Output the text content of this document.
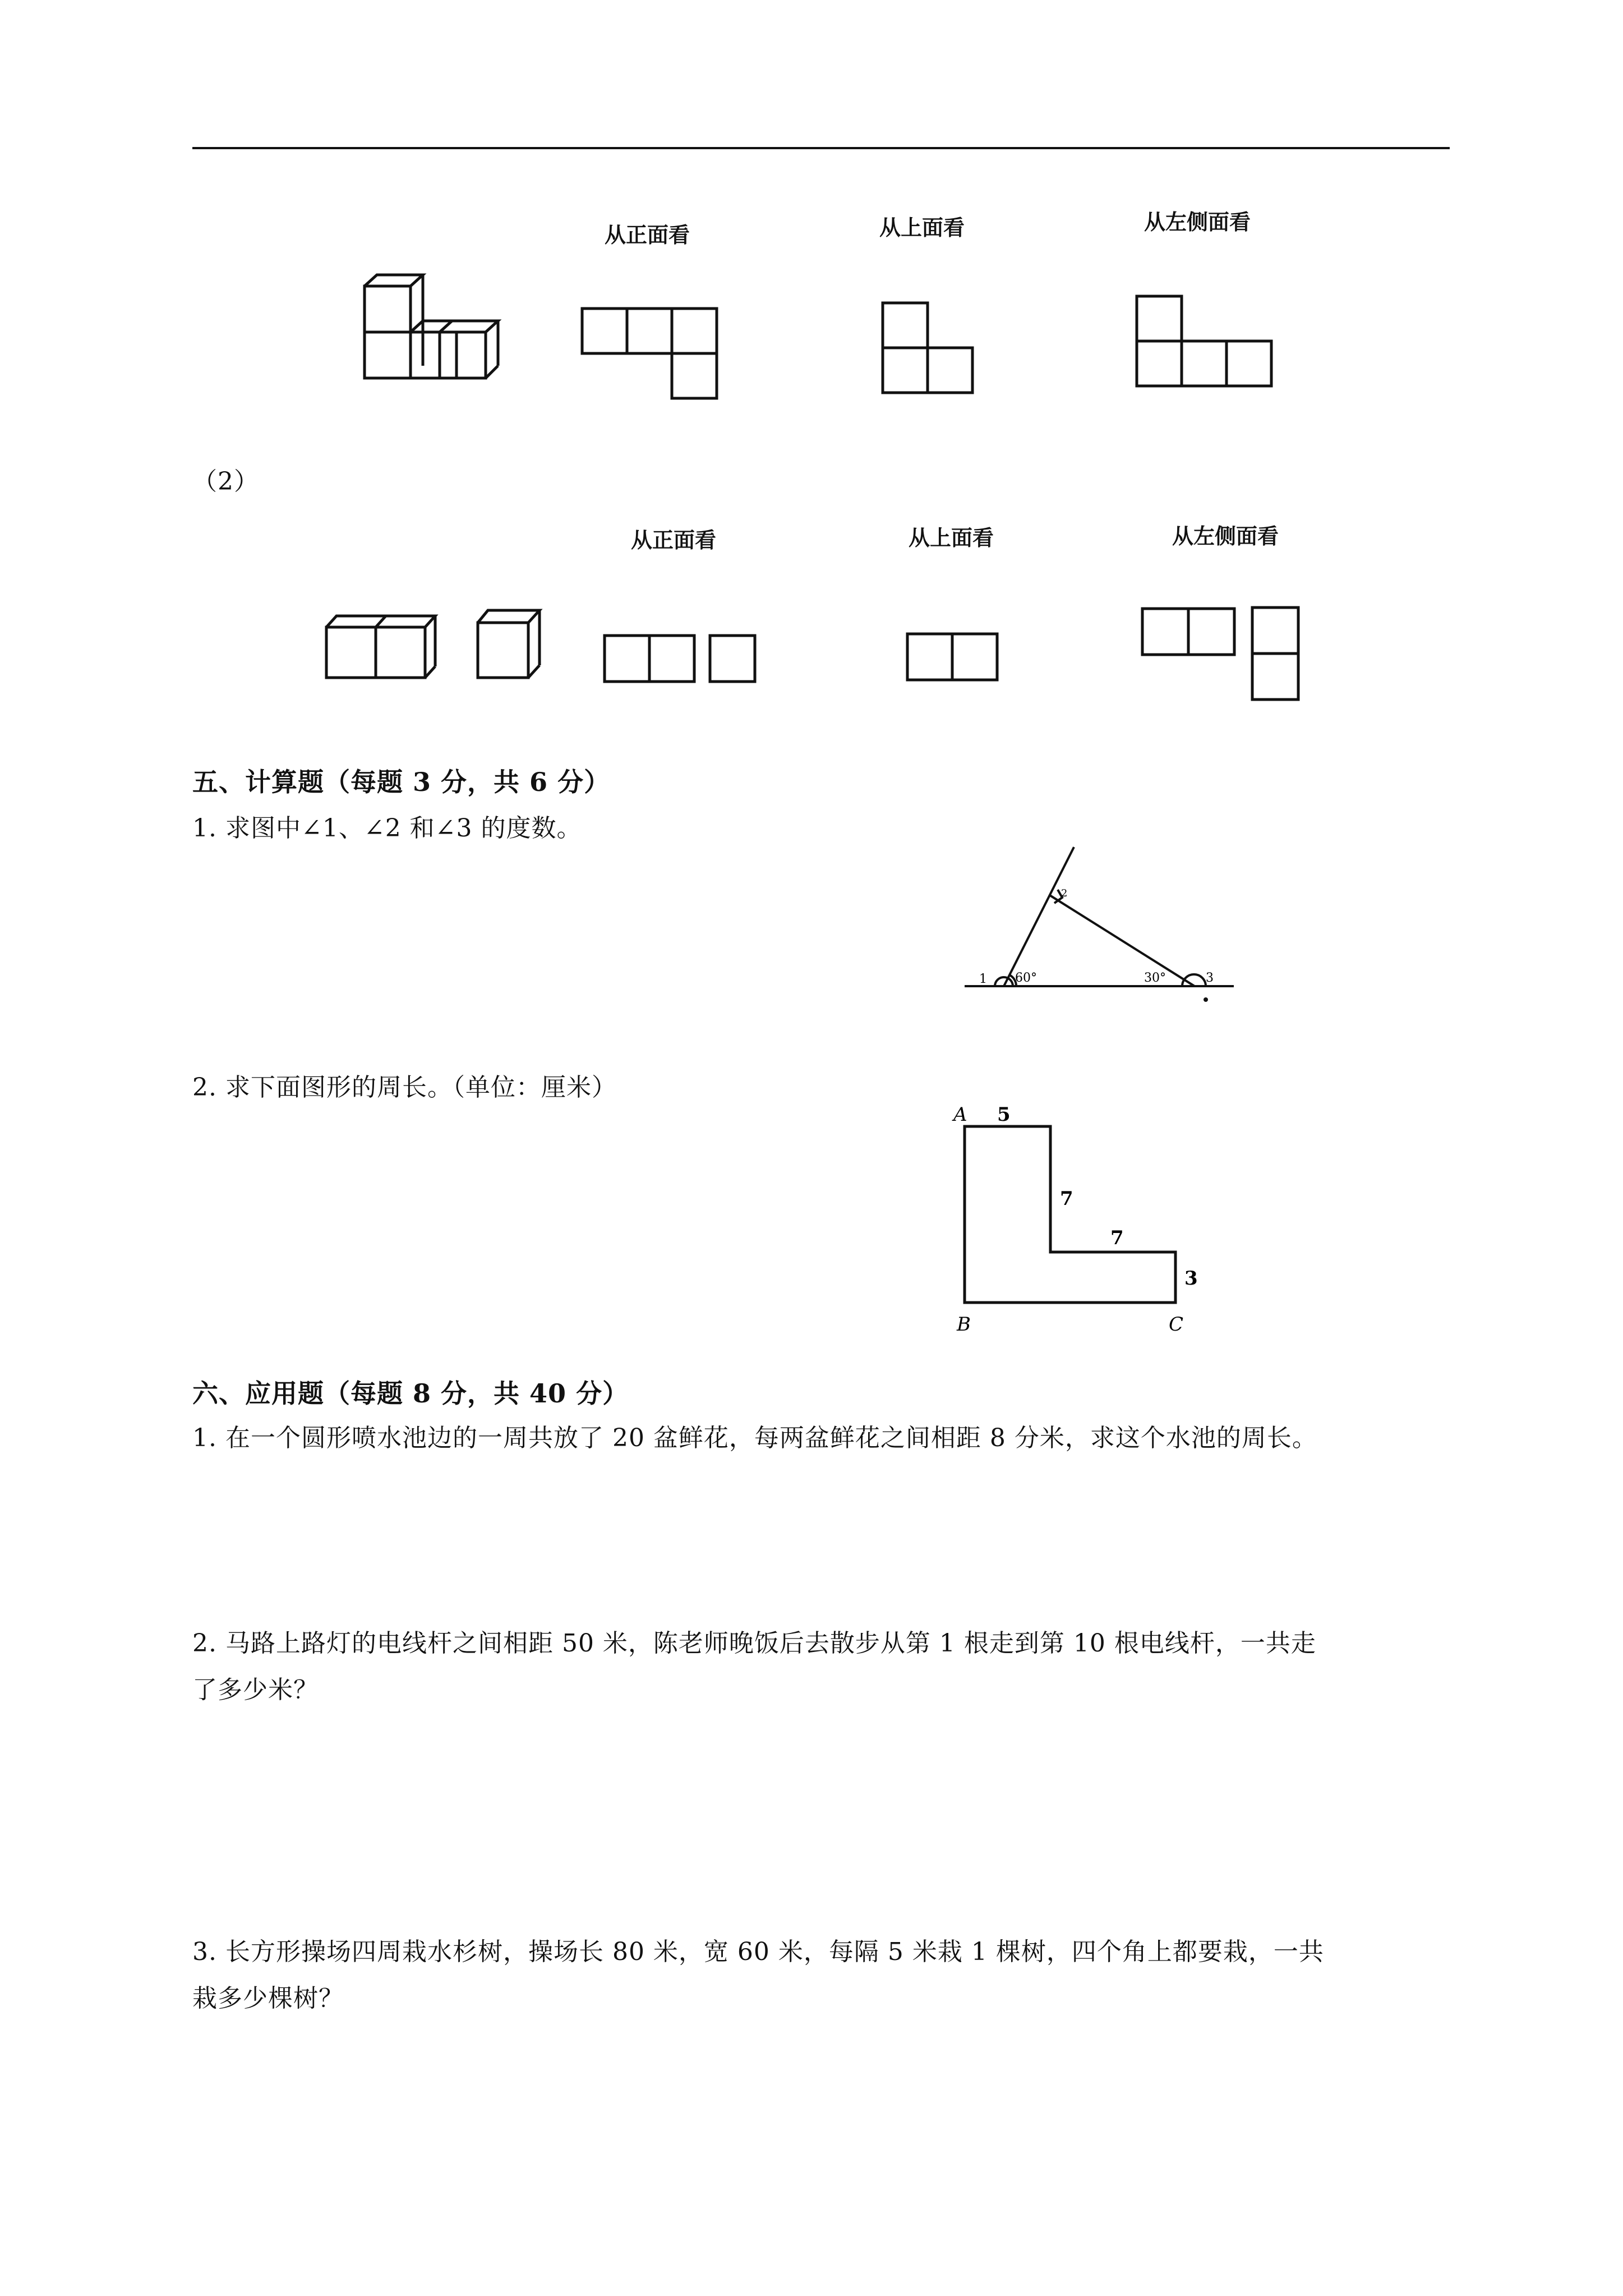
从正面看	从上面看	从左侧面看
（2）
从正面看	从上面看	从左侧面看
五、计算题（每题 3 分，共 6 分）
1. 求图中∠1、∠2 和∠3 的度数。
1
2
3
60°	30°
2. 求下面图形的周长。（单位：厘米）
A 5
7
7
3
B	C
六、应用题（每题 8 分，共 40 分）
1. 在一个圆形喷水池边的一周共放了 20 盆鲜花，每两盆鲜花之间相距 8 分米，求这个水池的周长。
2. 马路上路灯的电线杆之间相距 50 米，陈老师晚饭后去散步从第 1 根走到第 10 根电线杆，一共走
了多少米？
3. 长方形操场四周栽水杉树，操场长 80 米，宽 60 米，每隔 5 米栽 1 棵树，四个角上都要栽，一共
栽多少棵树？
